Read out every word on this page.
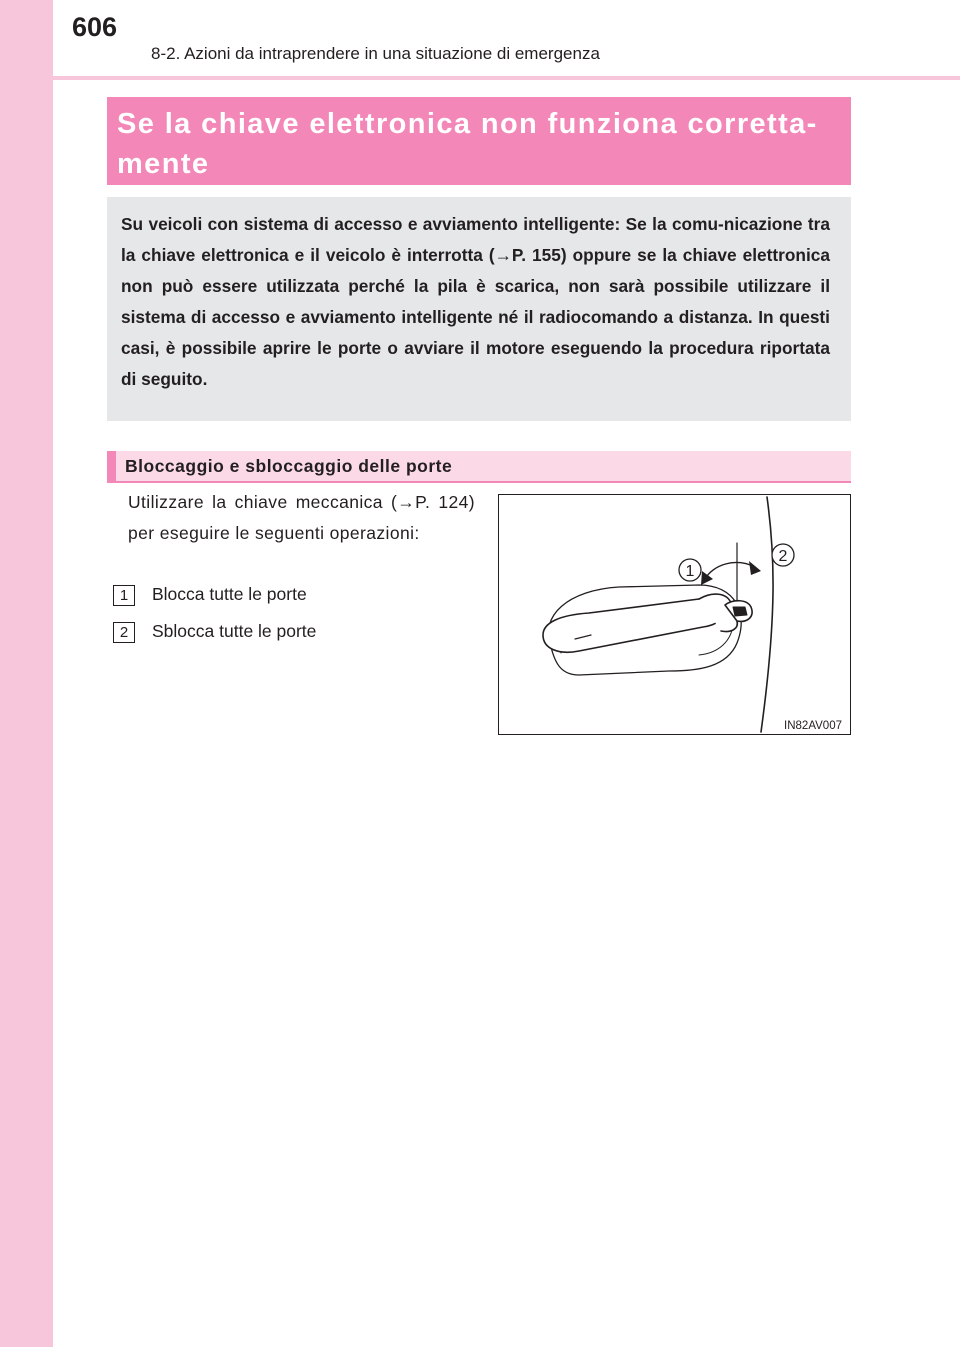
606
8-2. Azioni da intraprendere in una situazione di emergenza
Se la chiave elettronica non funziona corretta-mente

Su veicoli con sistema di accesso e avviamento intelligente: Se la comu-nicazione tra la chiave elettronica e il veicolo è interrotta (→P. 155) oppure se la chiave elettronica non può essere utilizzata perché la pila è scarica, non sarà possibile utilizzare il sistema di accesso e avviamento intelligente né il radiocomando a distanza. In questi casi, è possibile aprire le porte o avviare il motore eseguendo la procedura riportata di seguito.

Bloccaggio e sbloccaggio delle porte
Utilizzare la chiave meccanica (→P. 124) per eseguire le seguenti operazioni:
1	Blocca tutte le porte
2	Sblocca tutte le porte
1
2
IN82AV007
